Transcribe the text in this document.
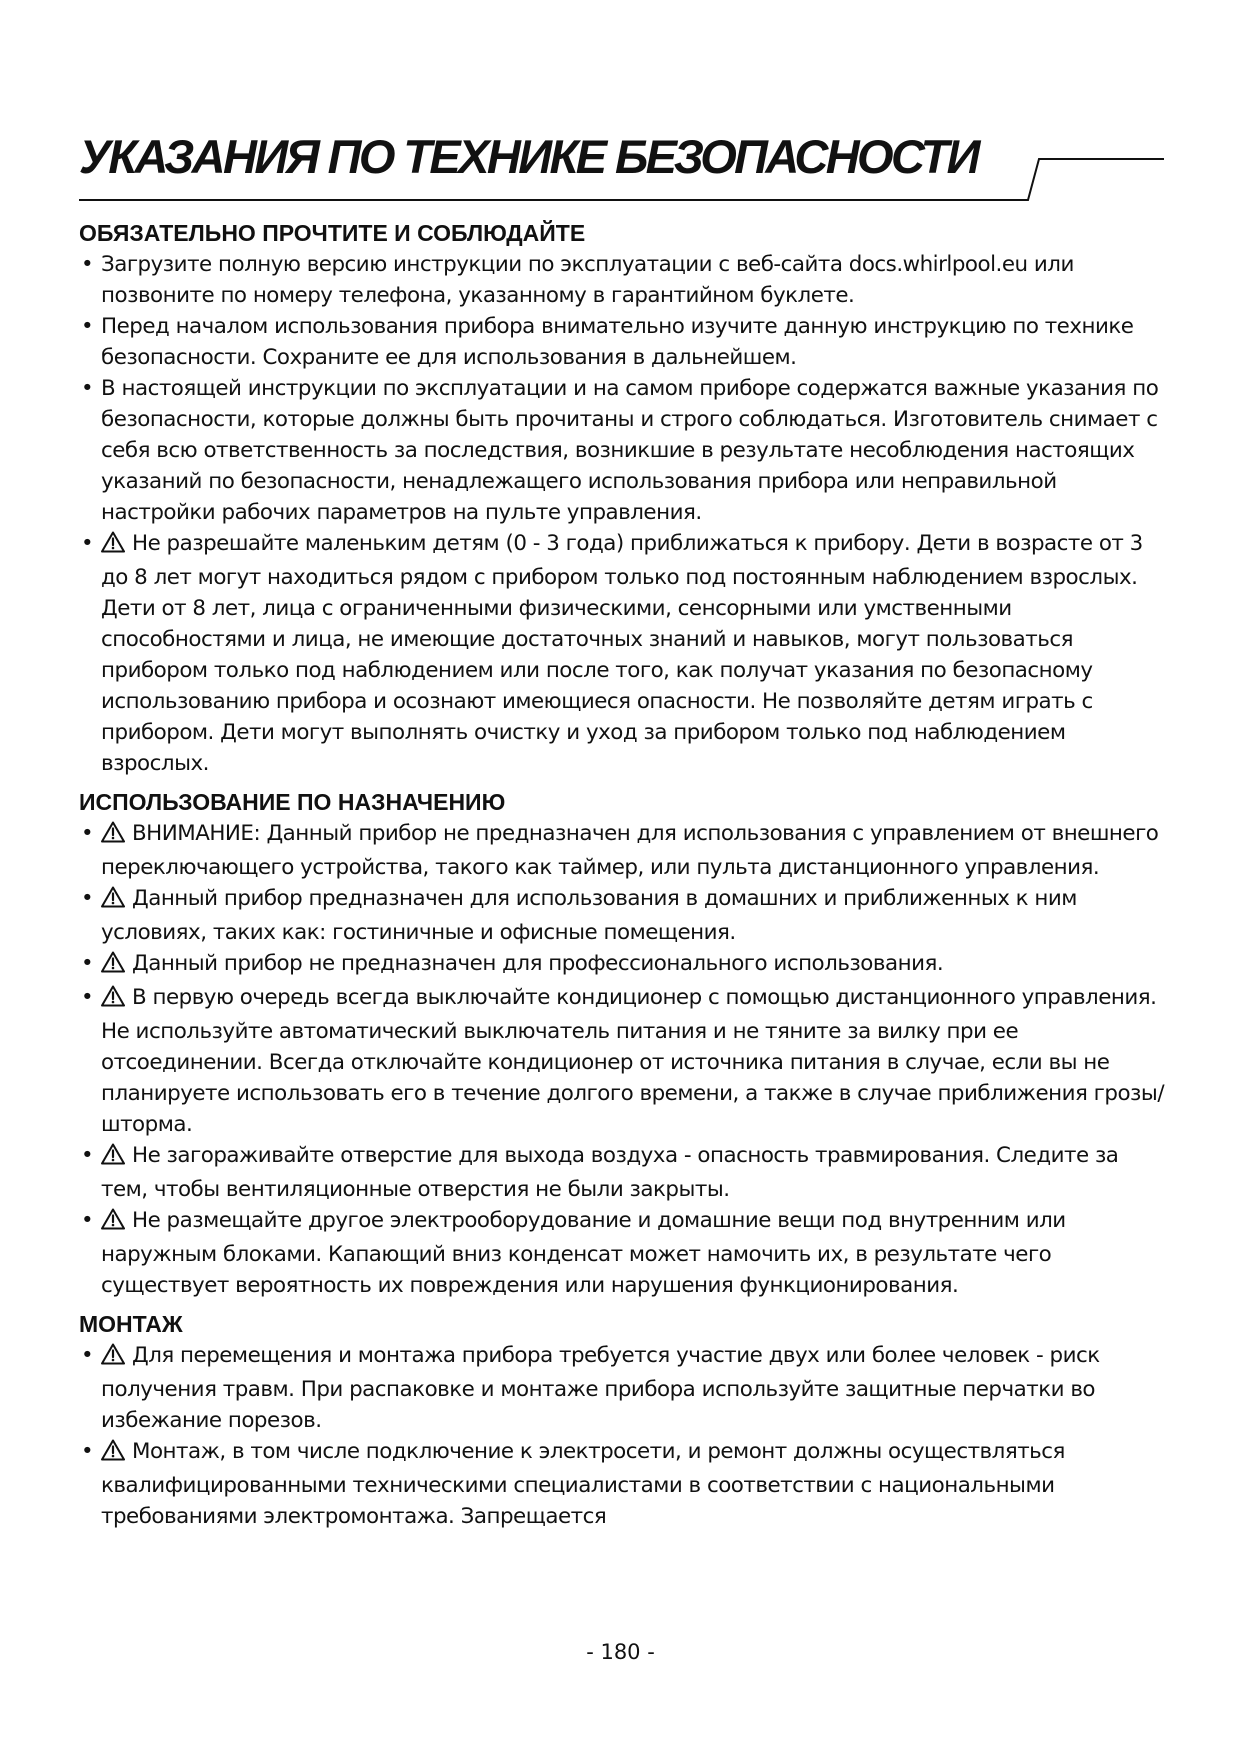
УКАЗАНИЯ ПО ТЕХНИКЕ БЕЗОПАСНОСТИ
ОБЯЗАТЕЛЬНО ПРОЧТИТЕ И СОБЛЮДАЙТЕ
• Загрузите полную версию инструкции по эксплуатации с веб-сайта docs.whirlpool.eu или позвоните по номеру телефона, указанному в гарантийном буклете.
• Перед началом использования прибора внимательно изучите данную инструкцию по технике безопасности. Сохраните ее для использования в дальнейшем.
• В настоящей инструкции по эксплуатации и на самом приборе содержатся важные указания по безопасности, которые должны быть прочитаны и строго соблюдаться. Изготовитель снимает с себя всю ответственность за последствия, возникшие в результате несоблюдения настоящих указаний по безопасности, ненадлежащего использования прибора или неправильной настройки рабочих параметров на пульте управления.
• Не разрешайте маленьким детям (0 - 3 года) приближаться к прибору. Дети в возрасте от 3 до 8 лет могут находиться рядом с прибором только под постоянным наблюдением взрослых. Дети от 8 лет, лица с ограниченными физическими, сенсорными или умственными способностями и лица, не имеющие достаточных знаний и навыков, могут пользоваться прибором только под наблюдением или после того, как получат указания по безопасному использованию прибора и осознают имеющиеся опасности. Не позволяйте детям играть с прибором. Дети могут выполнять очистку и уход за прибором только под наблюдением взрослых.
ИСПОЛЬЗОВАНИЕ ПО НАЗНАЧЕНИЮ
• ВНИМАНИЕ: Данный прибор не предназначен для использования с управлением от внешнего переключающего устройства, такого как таймер, или пульта дистанционного управления.
• Данный прибор предназначен для использования в домашних и приближенных к ним условиях, таких как: гостиничные и офисные помещения.
• Данный прибор не предназначен для профессионального использования.
• В первую очередь всегда выключайте кондиционер с помощью дистанционного управления. Не используйте автоматический выключатель питания и не тяните за вилку при ее отсоединении. Всегда отключайте кондиционер от источника питания в случае, если вы не планируете использовать его в течение долгого времени, а также в случае приближения грозы/шторма.
• Не загораживайте отверстие для выхода воздуха - опасность травмирования. Следите за тем, чтобы вентиляционные отверстия не были закрыты.
• Не размещайте другое электрооборудование и домашние вещи под внутренним или наружным блоками. Капающий вниз конденсат может намочить их, в результате чего существует вероятность их повреждения или нарушения функционирования.
МОНТАЖ
• Для перемещения и монтажа прибора требуется участие двух или более человек - риск получения травм. При распаковке и монтаже прибора используйте защитные перчатки во избежание порезов.
• Монтаж, в том числе подключение к электросети, и ремонт должны осуществляться квалифицированными техническими специалистами в соответствии с национальными требованиями электромонтажа. Запрещается
- 180 -
